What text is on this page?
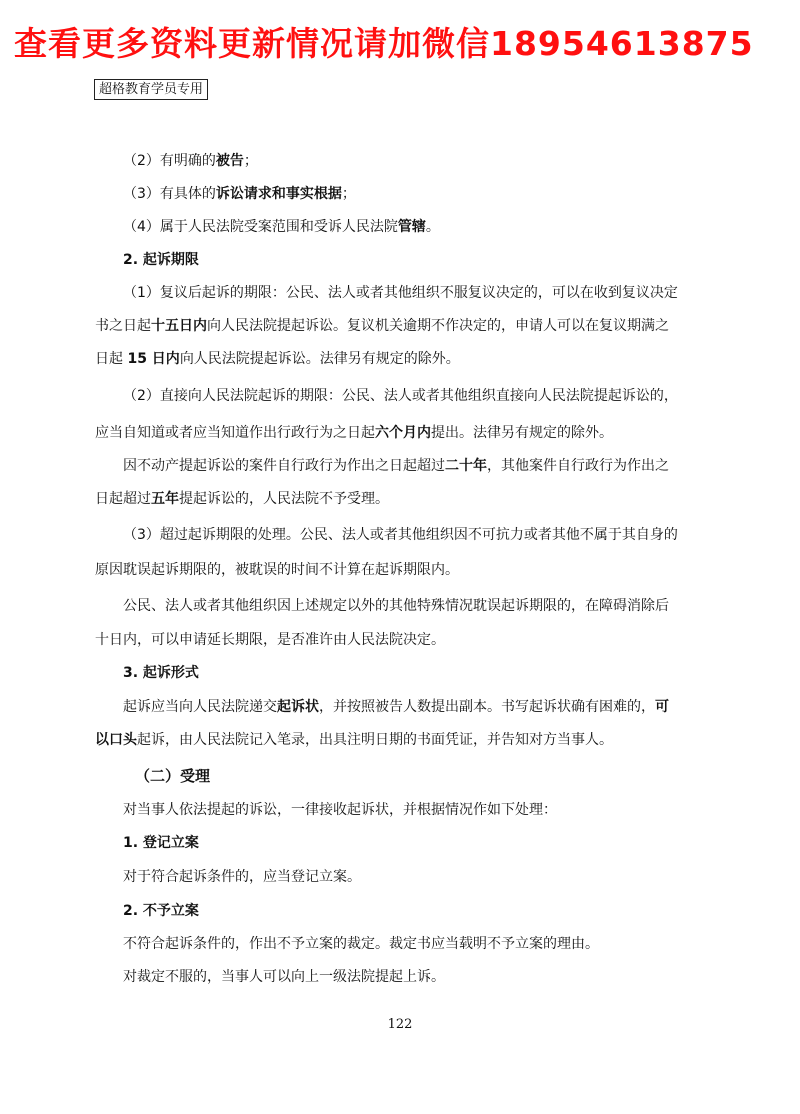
查看更多资料更新情况请加微信18954613875
超格教育学员专用
（2）有明确的被告；
（3）有具体的诉讼请求和事实根据；
（4）属于人民法院受案范围和受诉人民法院管辖。
2. 起诉期限
（1）复议后起诉的期限：公民、法人或者其他组织不服复议决定的，可以在收到复议决定
书之日起十五日内向人民法院提起诉讼。复议机关逾期不作决定的，申请人可以在复议期满之
日起 15 日内向人民法院提起诉讼。法律另有规定的除外。
（2）直接向人民法院起诉的期限：公民、法人或者其他组织直接向人民法院提起诉讼的，
应当自知道或者应当知道作出行政行为之日起六个月内提出。法律另有规定的除外。
因不动产提起诉讼的案件自行政行为作出之日起超过二十年，其他案件自行政行为作出之
日起超过五年提起诉讼的，人民法院不予受理。
（3）超过起诉期限的处理。公民、法人或者其他组织因不可抗力或者其他不属于其自身的
原因耽误起诉期限的，被耽误的时间不计算在起诉期限内。
公民、法人或者其他组织因上述规定以外的其他特殊情况耽误起诉期限的，在障碍消除后
十日内，可以申请延长期限，是否准许由人民法院决定。
3. 起诉形式
起诉应当向人民法院递交起诉状，并按照被告人数提出副本。书写起诉状确有困难的，可
以口头起诉，由人民法院记入笔录，出具注明日期的书面凭证，并告知对方当事人。
（二）受理
对当事人依法提起的诉讼，一律接收起诉状，并根据情况作如下处理：
1. 登记立案
对于符合起诉条件的，应当登记立案。
2. 不予立案
不符合起诉条件的，作出不予立案的裁定。裁定书应当载明不予立案的理由。
对裁定不服的，当事人可以向上一级法院提起上诉。
122
